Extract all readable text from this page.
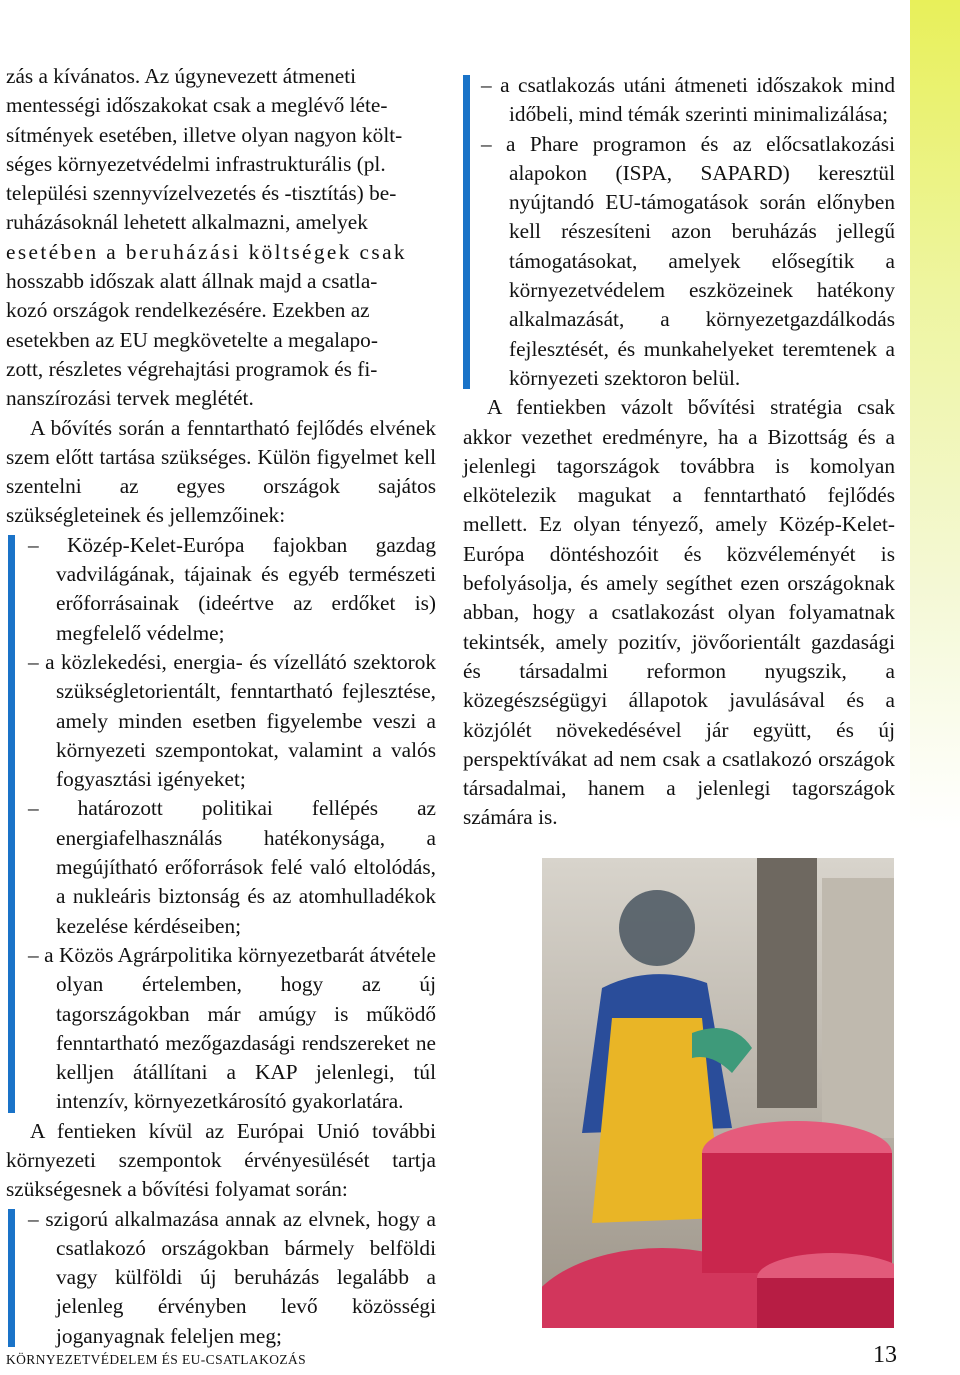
zás a kívánatos. Az úgynevezett átmeneti
mentességi időszakokat csak a meglévő léte-
sítmények esetében, illetve olyan nagyon költ-
séges környezetvédelmi infrastrukturális (pl.
települési szennyvízelvezetés és -tisztítás) be-
ruházásoknál lehetett alkalmazni, amelyek
esetében a beruházási költségek csak
hosszabb időszak alatt állnak majd a csatla-
kozó országok rendelkezésére. Ezekben az
esetekben az EU megkövetelte a megalapo-
zott, részletes végrehajtási programok és fi-
nanszírozási tervek meglétét.

A bővítés során a fenntartható fejlődés elvének szem előtt tartása szükséges. Külön figyelmet kell szentelni az egyes országok sajátos szükségleteinek és jellemzőinek:

– Közép-Kelet-Európa fajokban gazdag vadvilágának, tájainak és egyéb természeti erőforrásainak (ideértve az erdőket is) megfelelő védelme;
– a közlekedési, energia- és vízellátó szektorok szükségletorientált, fenntartható fejlesztése, amely minden esetben figyelembe veszi a környezeti szempontokat, valamint a valós fogyasztási igényeket;
– határozott politikai fellépés az energiafelhasználás hatékonysága, a megújítható erőforrások felé való eltolódás, a nukleáris biztonság és az atomhulladékok kezelése kérdéseiben;
– a Közös Agrárpolitika környezetbarát átvétele olyan értelemben, hogy az új tagországokban már amúgy is működő fenntartható mezőgazdasági rendszereket ne kelljen átállítani a KAP jelenlegi, túl intenzív, környezetkárosító gyakorlatára.

A fentieken kívül az Európai Unió további környezeti szempontok érvényesülését tartja szükségesnek a bővítési folyamat során:

– szigorú alkalmazása annak az elvnek, hogy a csatlakozó országokban bármely belföldi vagy külföldi új beruházás legalább a jelenleg érvényben levő közösségi joganyagnak feleljen meg;
– a csatlakozás utáni átmeneti időszakok mind időbeli, mind témák szerinti minimalizálása;
– a Phare programon és az előcsatlakozási alapokon (ISPA, SAPARD) keresztül nyújtandó EU-támogatások során előnyben kell részesíteni azon beruházás jellegű támogatásokat, amelyek elősegítik a környezetvédelem eszközeinek hatékony alkalmazását, a környezetgazdálkodás fejlesztését, és munkahelyeket teremtenek a környezeti szektoron belül.

A fentiekben vázolt bővítési stratégia csak akkor vezethet eredményre, ha a Bizottság és a jelenlegi tagországok továbbra is komolyan elkötelezik magukat a fenntartható fejlődés mellett. Ez olyan tényező, amely Közép-Kelet-Európa döntéshozóit és közvéleményét is befolyásolja, és amely segíthet ezen országoknak abban, hogy a csatlakozást olyan folyamatnak tekintsék, amely pozitív, jövőorientált gazdasági és társadalmi reformon nyugszik, a közegészségügyi állapotok javulásával és a közjólét növekedésével jár együtt, és új perspektívákat ad nem csak a csatlakozó országok társadalmai, hanem a jelenlegi tagországok számára is.

KÖRNYEZETVÉDELEM ÉS EU-CSATLAKOZÁS	13
